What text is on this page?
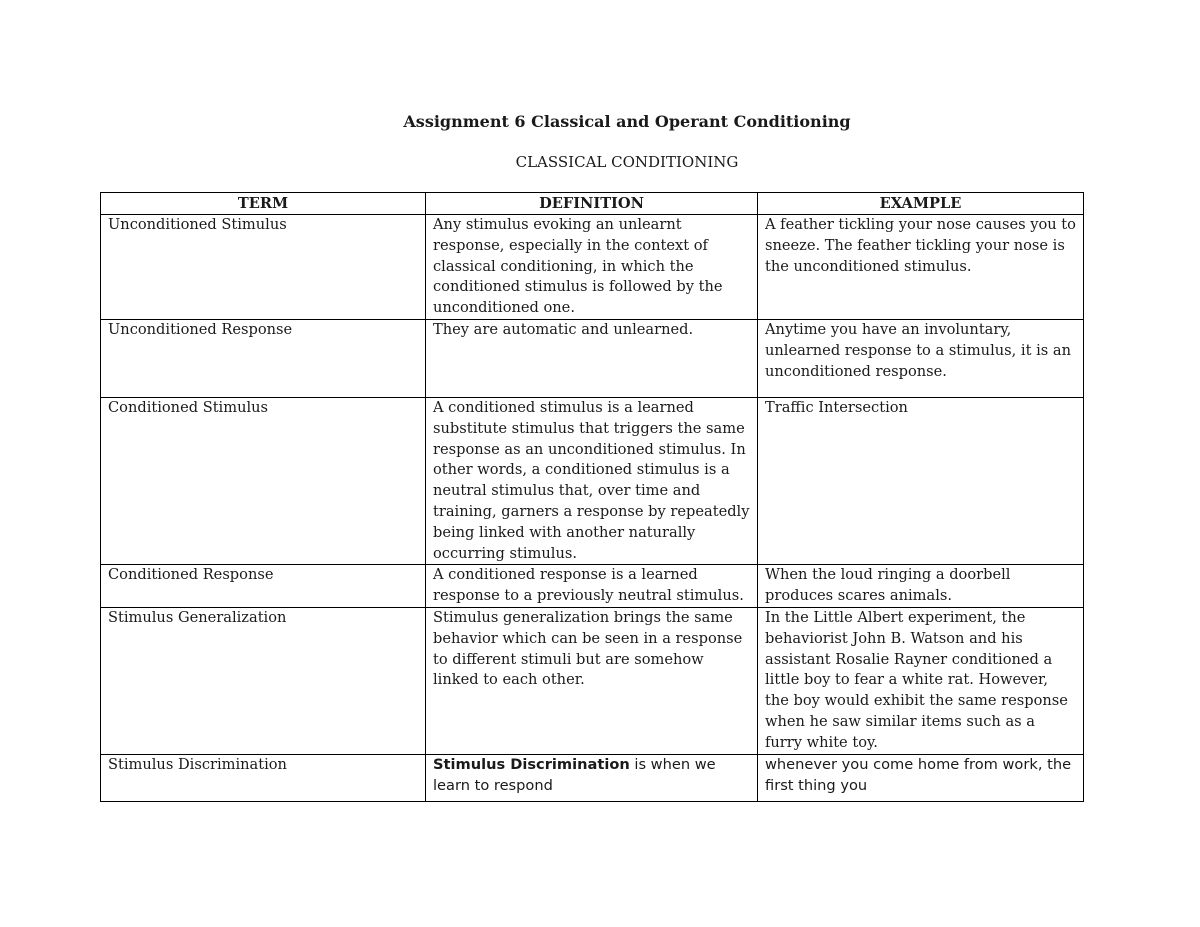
Assignment 6 Classical and Operant Conditioning
CLASSICAL CONDITIONING
TERM	DEFINITION	EXAMPLE
Unconditioned Stimulus	Any stimulus evoking an unlearnt response, especially in the context of classical conditioning, in which the conditioned stimulus is followed by the unconditioned one.	A feather tickling your nose causes you to sneeze. The feather tickling your nose is the unconditioned stimulus.
Unconditioned Response	They are automatic and unlearned.	Anytime you have an involuntary, unlearned response to a stimulus, it is an unconditioned response.
Conditioned Stimulus	A conditioned stimulus is a learned substitute stimulus that triggers the same response as an unconditioned stimulus. In other words, a conditioned stimulus is a neutral stimulus that, over time and training, garners a response by repeatedly being linked with another naturally occurring stimulus.	Traffic Intersection
Conditioned Response	A conditioned response is a learned response to a previously neutral stimulus.	When the loud ringing a doorbell produces scares animals.
Stimulus Generalization	Stimulus generalization brings the same behavior which can be seen in a response to different stimuli but are somehow linked to each other.	In the Little Albert experiment, the behaviorist John B. Watson and his assistant Rosalie Rayner conditioned a little boy to fear a white rat. However, the boy would exhibit the same response when he saw similar items such as a furry white toy.
Stimulus Discrimination	Stimulus Discrimination is when we learn to respond	whenever you come home from work, the first thing you
